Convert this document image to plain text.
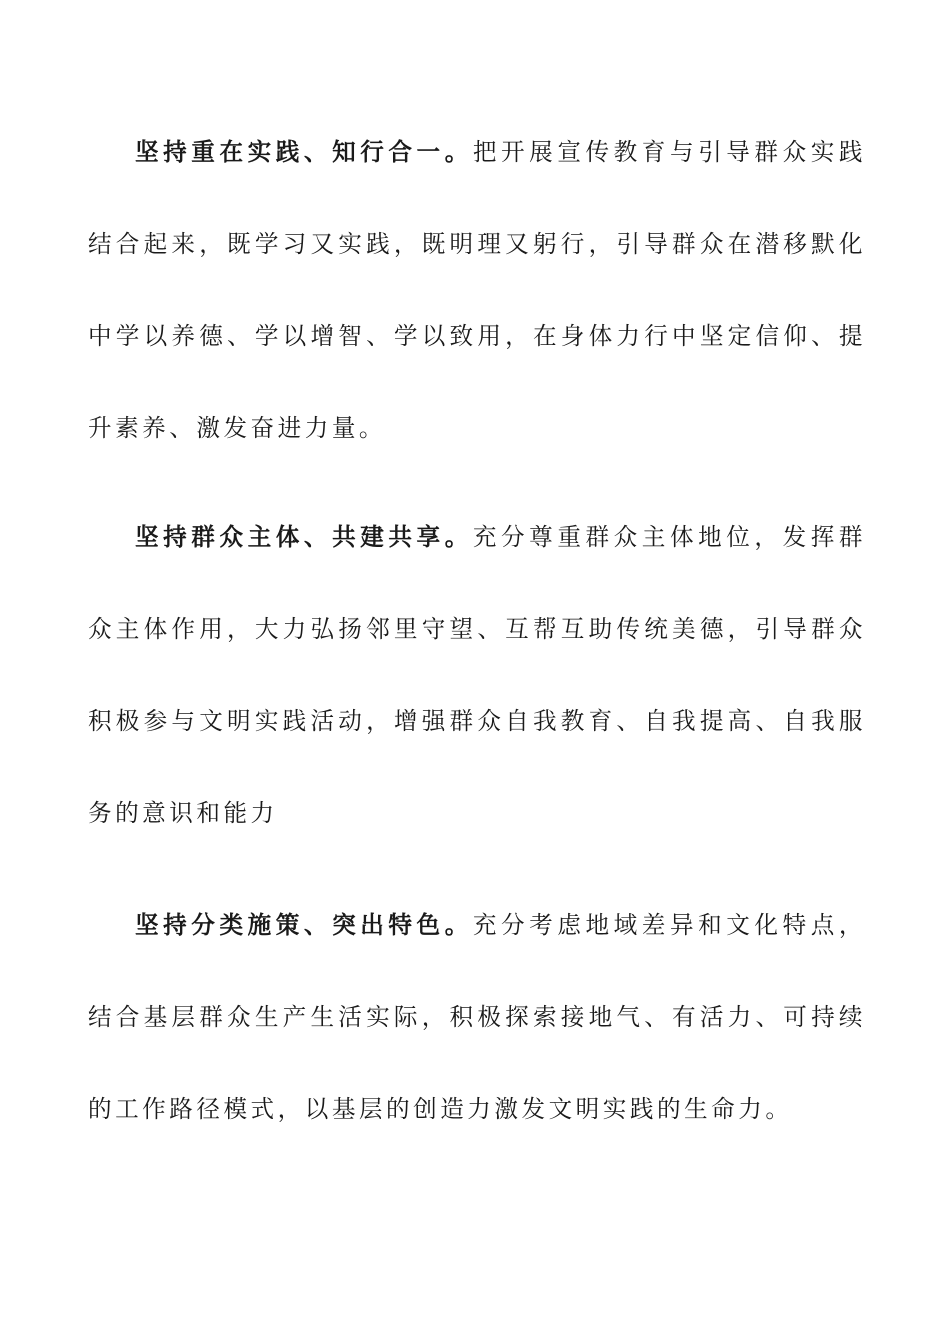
坚持重在实践、知行合一。把开展宣传教育与引导群众实践结合起来，既学习又实践，既明理又躬行，引导群众在潜移默化中学以养德、学以增智、学以致用，在身体力行中坚定信仰、提升素养、激发奋进力量。

坚持群众主体、共建共享。充分尊重群众主体地位，发挥群众主体作用，大力弘扬邻里守望、互帮互助传统美德，引导群众积极参与文明实践活动，增强群众自我教育、自我提高、自我服务的意识和能力

坚持分类施策、突出特色。充分考虑地域差异和文化特点，结合基层群众生产生活实际，积极探索接地气、有活力、可持续的工作路径模式，以基层的创造力激发文明实践的生命力。
